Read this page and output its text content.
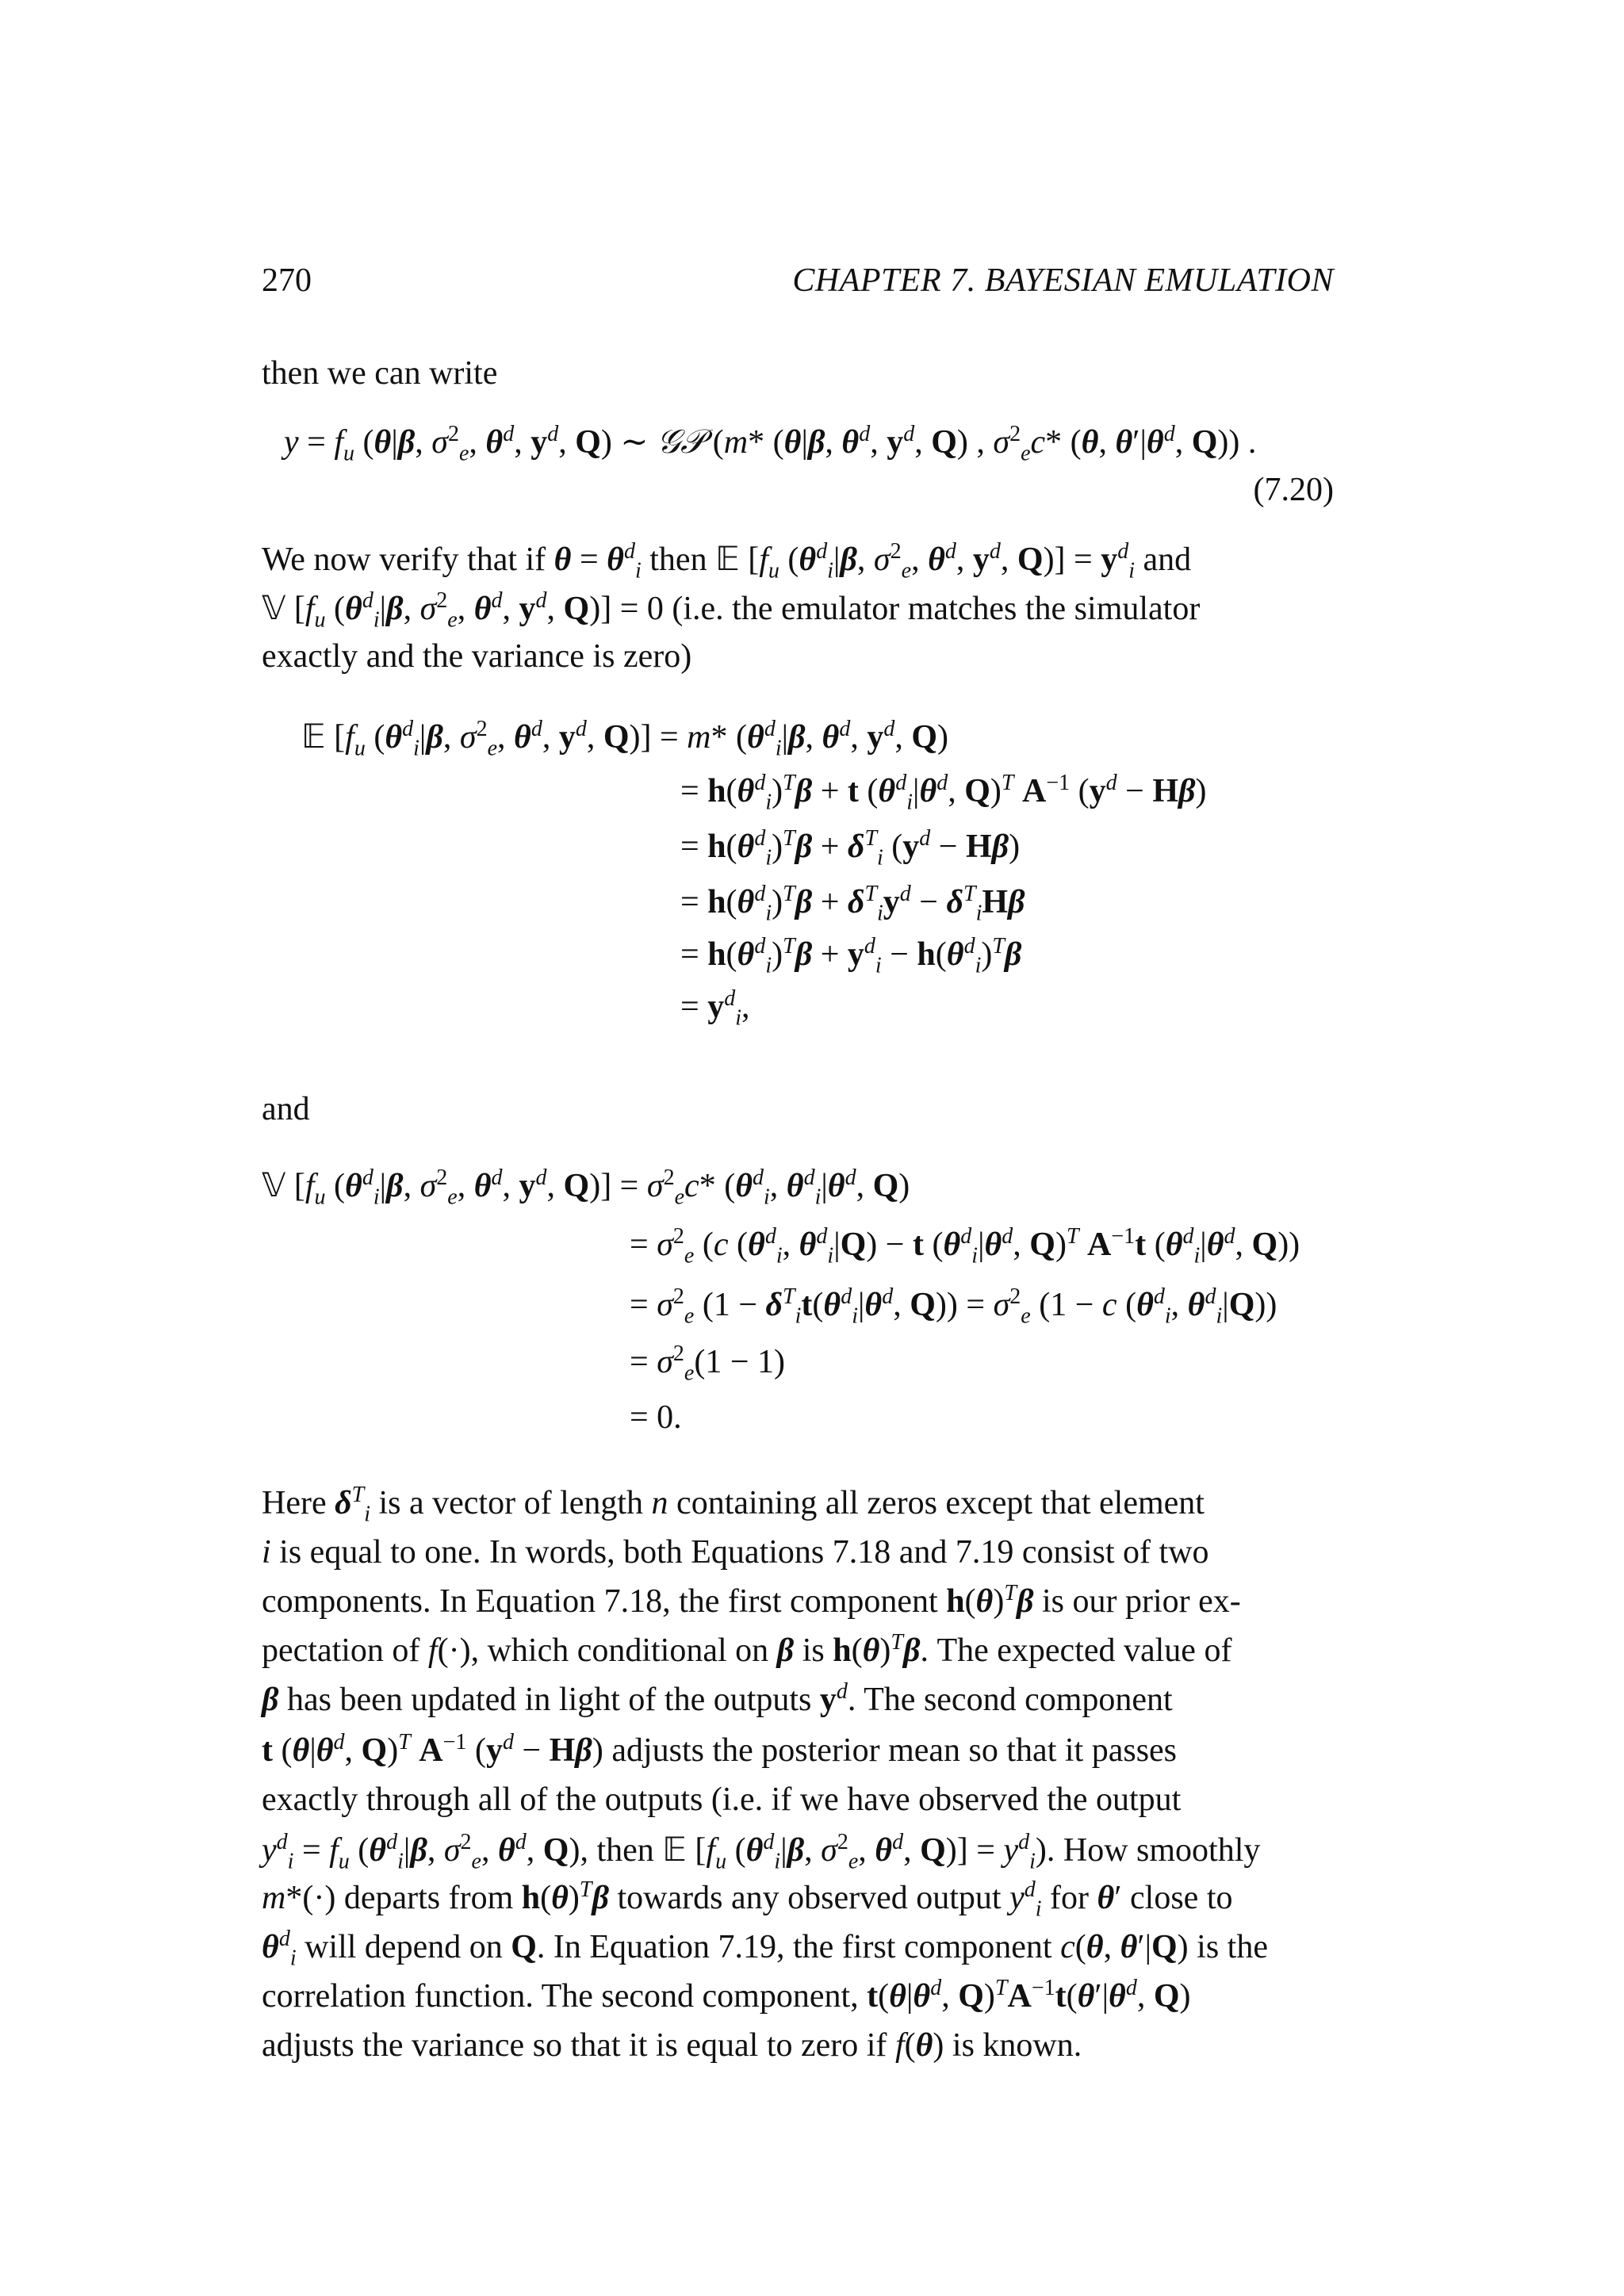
270	CHAPTER 7. BAYESIAN EMULATION
then we can write
$y = f_u$ (θ|β, $\sigma^2_e$, $\theta^d$, $y^d$, Q) ∼ 𝒢𝒫 (m* (θ|β, $\theta^d$, $y^d$, Q) , $\sigma^2_ec*$ (θ, $\theta'|\theta^d$, Q)) .
(7.20)
We now verify that if $\theta = \theta^d_i$ then 𝔼 [$f_u$ ($\theta^d_i|\beta$, $\sigma^2_e$, $\theta^d$, $y^d$, $Q)] = y^d_i$ and
𝕍 [$f_u$ ($\theta^d_i|\beta$, $\sigma^2_e$, $\theta^d$, $y^d$, Q)] = 0 (i.e. the emulator matches the simulator
exactly and the variance is zero)
𝔼 [$f_u$ ($\theta^d_i|\beta$, $\sigma^2_e$, $\theta^d$, $y^d$, Q)] = m* ($\theta^d_i|\beta$, $\theta^d$, $y^d$, Q)
= $h(\theta^d_i)^T\beta + t$ ($\theta^d_i|\theta^d$, Q)$^T$ $A^{-1}$ $(y^d - H\beta)$
= $h(\theta^d_i)^T\beta + \delta^T_i$ $(y^d - H\beta)$
= $h(\theta^d_i)^T\beta + \delta^T_iy^d - \delta^T_iH\beta$
= $h(\theta^d_i)^T\beta + y^d_i - h(\theta^d_i)^T\beta$
= $y^d_i$,
and
𝕍 [$f_u$ ($\theta^d_i|\beta$, $\sigma^2_e$, $\theta^d$, $y^d$, $Q)] = \sigma^2_ec*$ ($\theta^d_i$, $\theta^d_i|\theta^d$, Q)
= $\sigma^2_e$ (c ($\theta^d_i$, $\theta^d_i|Q) - t$ ($\theta^d_i|\theta^d$, Q)$^T$ $A^{-1}t$ ($\theta^d_i|\theta^d$, Q))
= $\sigma^2_e$ ($1 - \delta^T_it(\theta^d_i|\theta^d$, $Q)) = \sigma^2_e$ (1 − c ($\theta^d_i$, $\theta^d_i|Q$))
= $\sigma^2_e(1 - 1)$
= 0.
Here $\delta^T_i$ is a vector of length n containing all zeros except that element
i is equal to one. In words, both Equations 7.18 and 7.19 consist of two
components. In Equation 7.18, the first component $h(\theta)^T\beta$ is our prior ex-
pectation of f(·), which conditional on β is $h(\theta)^T\beta$. The expected value of
β has been updated in light of the outputs $y^d$. The second component
t ($\theta|\theta^d$, Q)$^T$ $A^{-1}$ $(y^d - H\beta)$ adjusts the posterior mean so that it passes
exactly through all of the outputs (i.e. if we have observed the output
$y^d_i = f_u$ ($\theta^d_i|\beta$, $\sigma^2_e$, $\theta^d$, Q), then 𝔼 [$f_u$ ($\theta^d_i|\beta$, $\sigma^2_e$, $\theta^d$, $Q)] = y^d_i$). How smoothly
m*(·) departs from $h(\theta)^T\beta$ towards any observed output $y^d_i$ for θ′ close to
$\theta^d_i$ will depend on Q. In Equation 7.19, the first component c(θ, θ′|Q) is the
correlation function. The second component, $t(\theta|\theta^d$, $Q)^TA^{-1}t(\theta'|\theta^d$, Q)
adjusts the variance so that it is equal to zero if f(θ) is known.
